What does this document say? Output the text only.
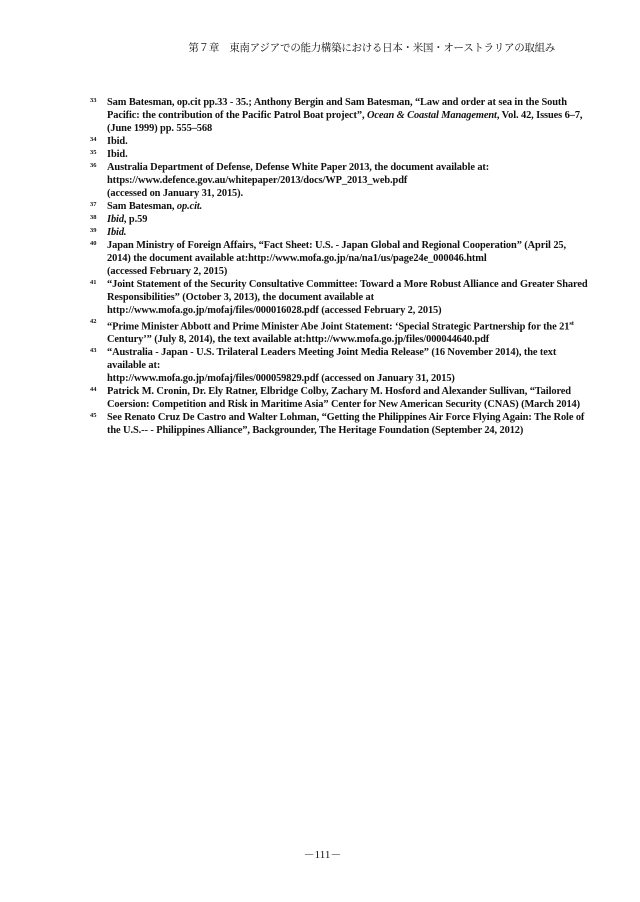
第７章　東南アジアでの能力構築における日本・米国・オーストラリアの取組み
33 Sam Batesman, op.cit pp.33 ‐ 35.; Anthony Bergin and Sam Batesman, “Law and order at sea in the South
Pacific: the contribution of the Pacific Patrol Boat project”, Ocean & Coastal Management, Vol. 42, Issues 6–7,
(June 1999) pp. 555–568
34 Ibid.
35 Ibid.
36 Australia Department of Defense, Defense White Paper 2013, the document available at:
https://www.defence.gov.au/whitepaper/2013/docs/WP_2013_web.pdf
(accessed on January 31, 2015).
37 Sam Batesman, op.cit.
38 Ibid, p.59
39 Ibid.
40 Japan Ministry of Foreign Affairs, “Fact Sheet: U.S. ‐ Japan Global and Regional Cooperation” (April 25,
2014) the document available at:http://www.mofa.go.jp/na/na1/us/page24e_000046.html
(accessed February 2, 2015)
41 “Joint Statement of the Security Consultative Committee: Toward a More Robust Alliance and Greater Shared
Responsibilities” (October 3, 2013), the document available at
http://www.mofa.go.jp/mofaj/files/000016028.pdf (accessed February 2, 2015)
42 “Prime Minister Abbott and Prime Minister Abe Joint Statement: ‘Special Strategic Partnership for the 21st
Century’” (July 8, 2014), the text available at:http://www.mofa.go.jp/files/000044640.pdf
43 “Australia ‐ Japan ‐ U.S. Trilateral Leaders Meeting Joint Media Release” (16 November 2014), the text
available at:
http://www.mofa.go.jp/mofaj/files/000059829.pdf (accessed on January 31, 2015)
44 Patrick M. Cronin, Dr. Ely Ratner, Elbridge Colby, Zachary M. Hosford and Alexander Sullivan, “Tailored
Coersion: Competition and Risk in Maritime Asia” Center for New American Security (CNAS) (March 2014)
45 See Renato Cruz De Castro and Walter Lohman, “Getting the Philippines Air Force Flying Again: The Role of
the U.S.-‐ ‐ Philippines Alliance”, Backgrounder, The Heritage Foundation (September 24, 2012)
－111－
